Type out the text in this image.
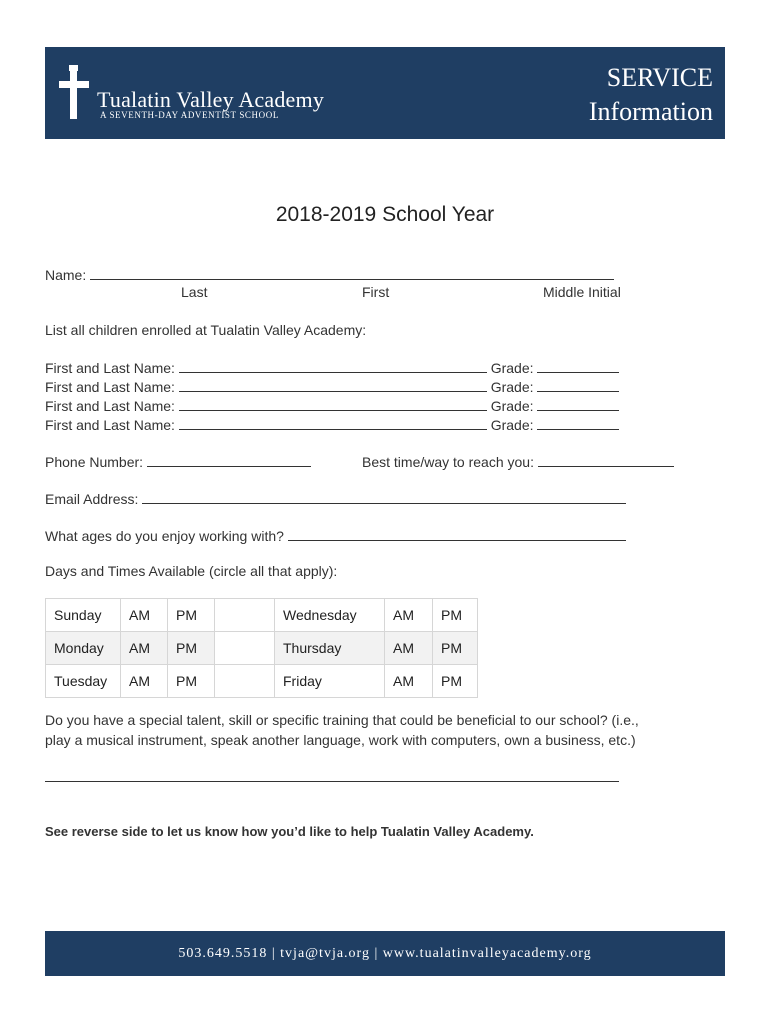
Tualatin Valley Academy
A SEVENTH-DAY ADVENTIST SCHOOL
SERVICE
Information
2018-2019 School Year
Name:
Last	First	Middle Initial
List all children enrolled at Tualatin Valley Academy:
First and Last Name:	Grade:
First and Last Name:	Grade:
First and Last Name:	Grade:
First and Last Name:	Grade:
Phone Number:	Best time/way to reach you:
Email Address:
What ages do you enjoy working with?
Days and Times Available (circle all that apply):
Sunday	AM	PM		Wednesday	AM	PM
Monday	AM	PM		Thursday	AM	PM
Tuesday	AM	PM		Friday	AM	PM
Do you have a special talent, skill or specific training that could be beneficial to our school? (i.e.,
play a musical instrument, speak another language, work with computers, own a business, etc.)
See reverse side to let us know how you’d like to help Tualatin Valley Academy.
503.649.5518 | tvja@tvja.org | www.tualatinvalleyacademy.org
